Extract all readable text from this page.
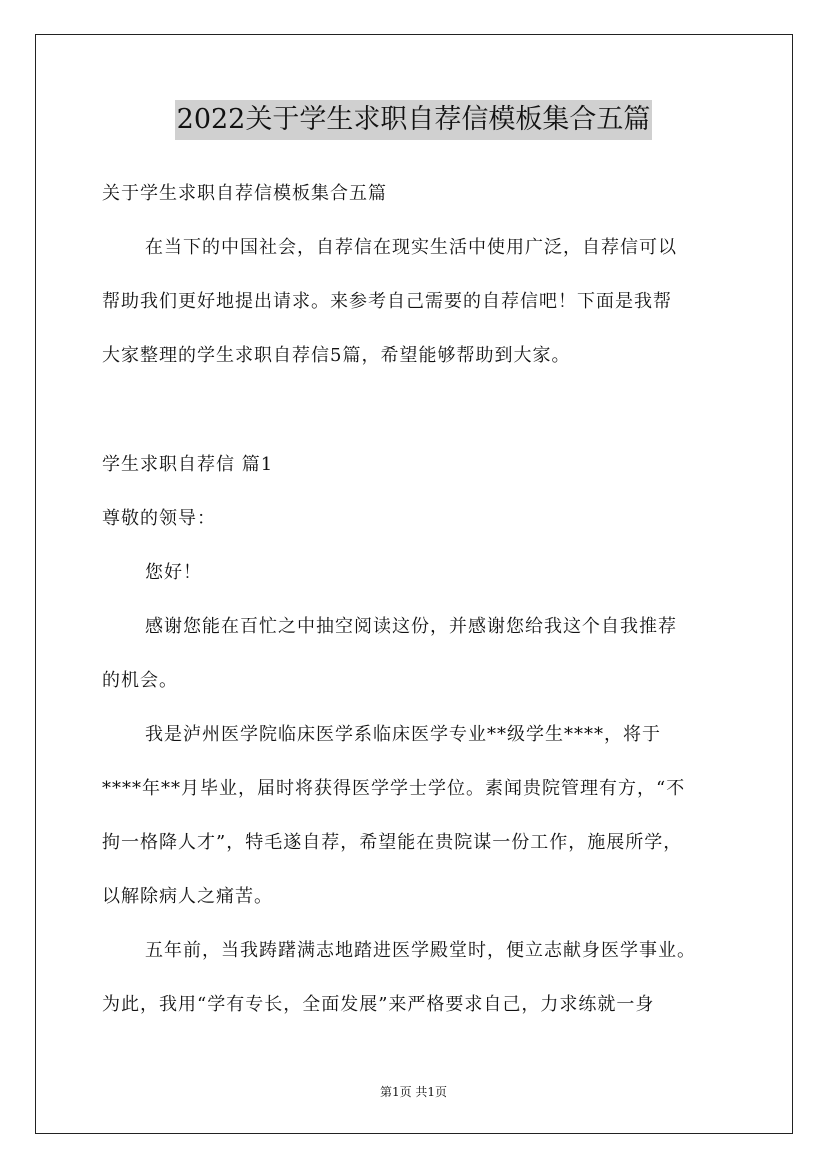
2022关于学生求职自荐信模板集合五篇
关于学生求职自荐信模板集合五篇
在当下的中国社会，自荐信在现实生活中使用广泛，自荐信可以
帮助我们更好地提出请求。来参考自己需要的自荐信吧！下面是我帮
大家整理的学生求职自荐信5篇，希望能够帮助到大家。
学生求职自荐信 篇1
尊敬的领导：
您好！
感谢您能在百忙之中抽空阅读这份，并感谢您给我这个自我推荐
的机会。
我是泸州医学院临床医学系临床医学专业**级学生****，将于
****年**月毕业，届时将获得医学学士学位。素闻贵院管理有方，“不
拘一格降人才”，特毛遂自荐，希望能在贵院谋一份工作，施展所学，
以解除病人之痛苦。
五年前，当我踌躇满志地踏进医学殿堂时，便立志献身医学事业。
为此，我用“学有专长，全面发展”来严格要求自己，力求练就一身
第1页 共1页
